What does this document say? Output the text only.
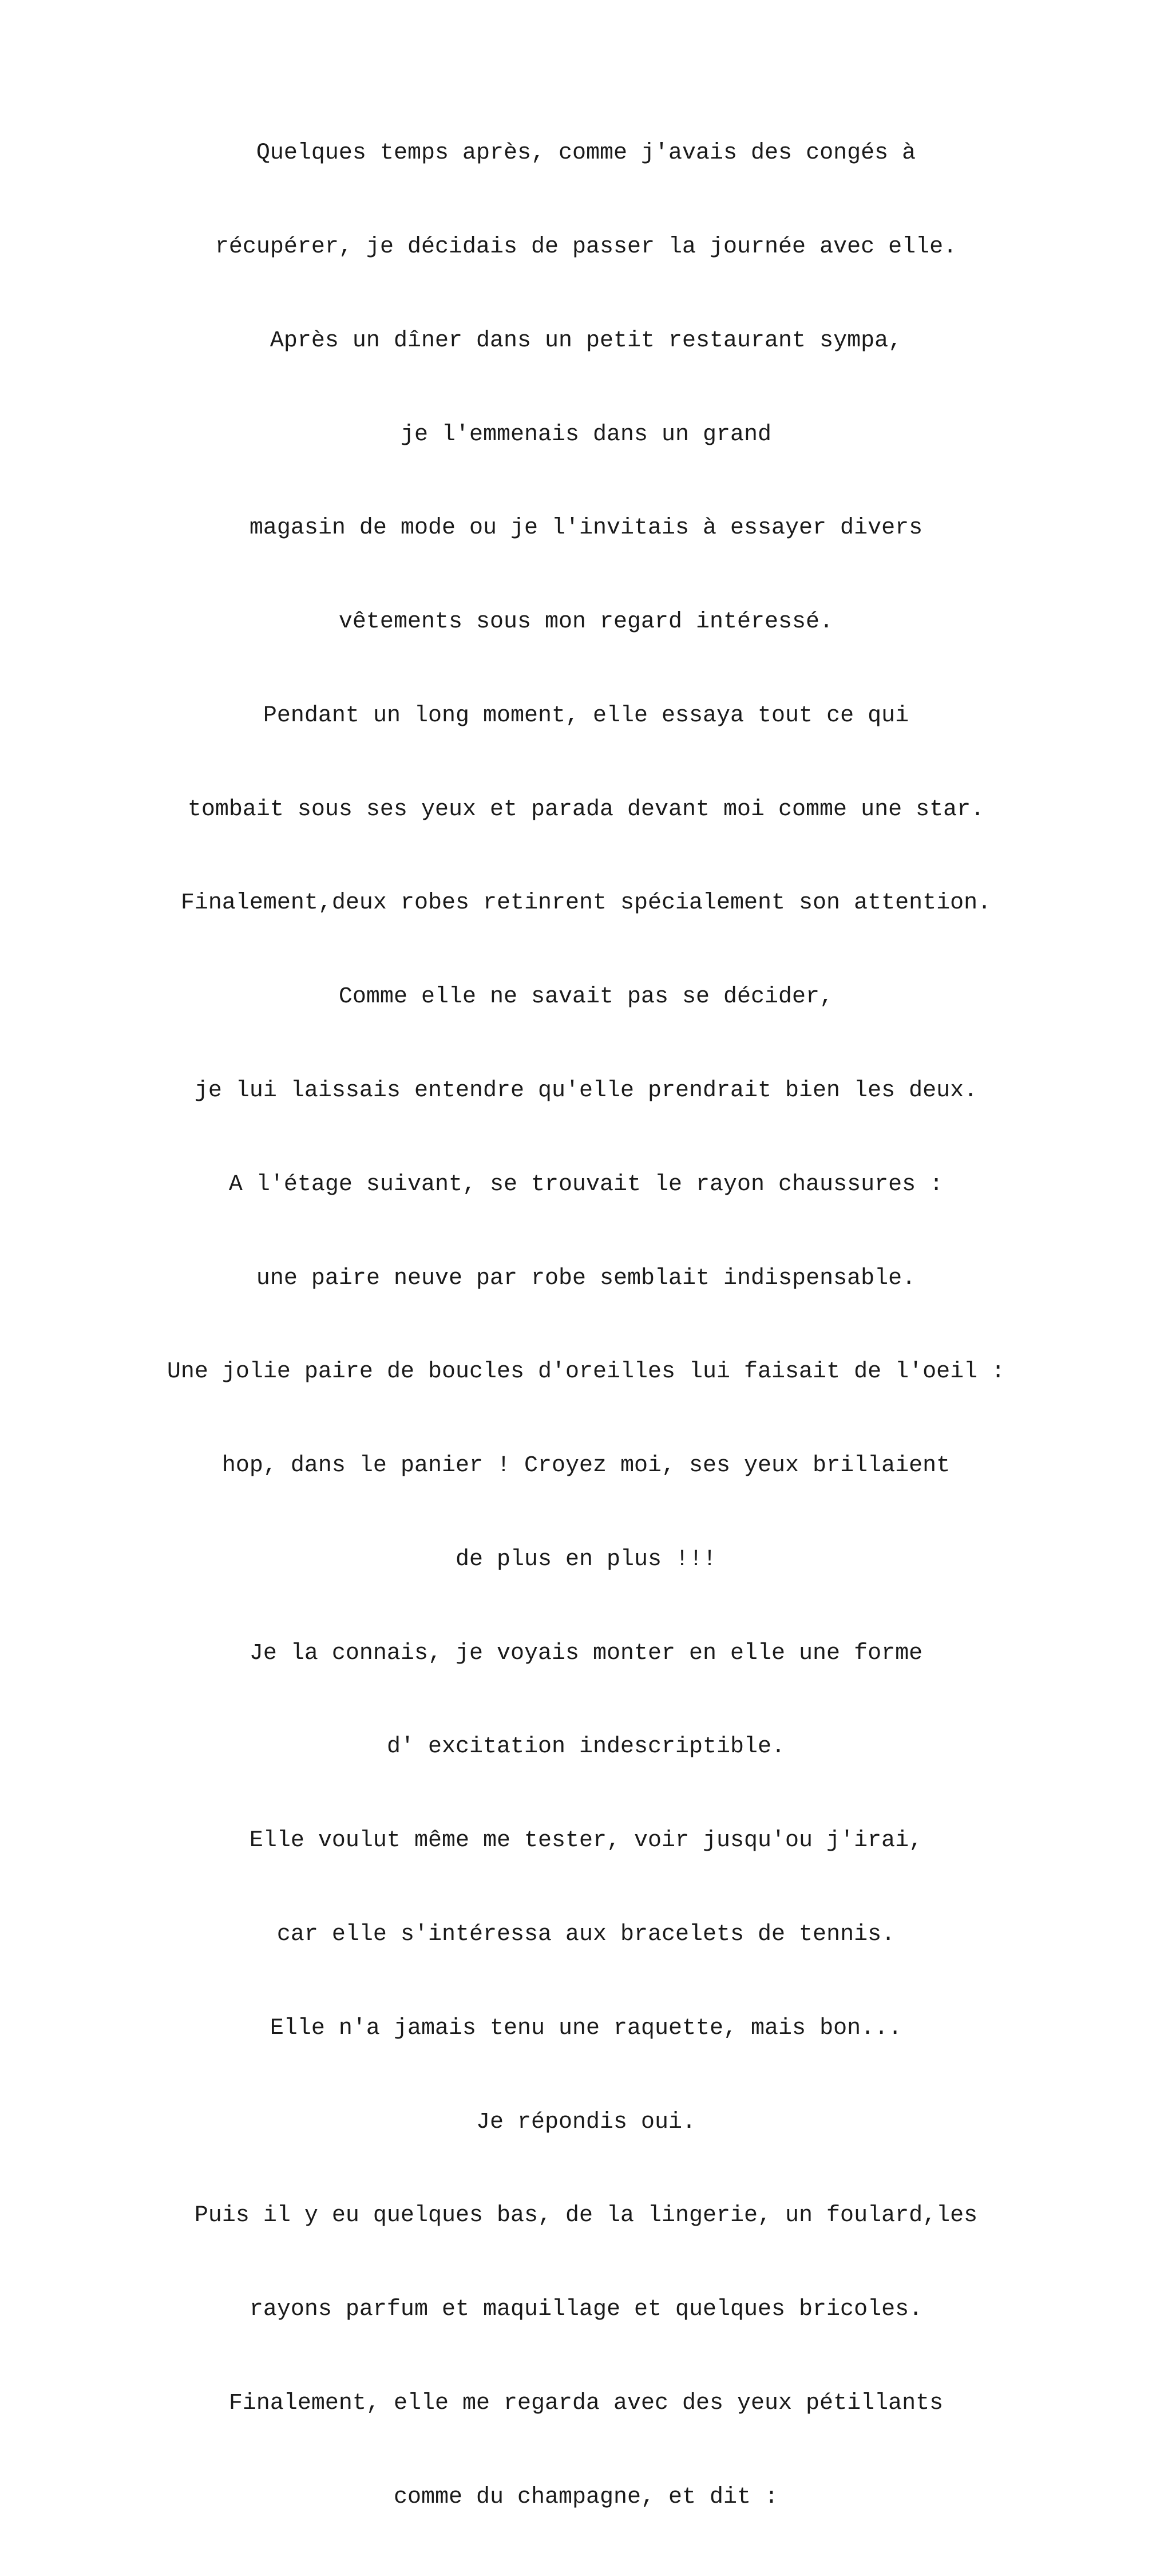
Quelques temps après, comme j'avais des congés à

récupérer, je décidais de passer la journée avec elle.

Après un dîner dans un petit restaurant sympa,

je l'emmenais dans un grand

magasin de mode ou je l'invitais à essayer divers

vêtements sous mon regard intéressé.

Pendant un long moment, elle essaya tout ce qui

tombait sous ses yeux et parada devant moi comme une star.

Finalement,deux robes retinrent spécialement son attention.

Comme elle ne savait pas se décider,

je lui laissais entendre qu'elle prendrait bien les deux.

A l'étage suivant, se trouvait le rayon chaussures :

une paire neuve par robe semblait indispensable.

Une jolie paire de boucles d'oreilles lui faisait de l'oeil :

hop, dans le panier ! Croyez moi, ses yeux brillaient

de plus en plus !!!

Je la connais, je voyais monter en elle une forme

d' excitation indescriptible.

Elle voulut même me tester, voir jusqu'ou j'irai,

car elle s'intéressa aux bracelets de tennis.

Elle n'a jamais tenu une raquette, mais bon...

Je répondis oui.

Puis il y eu quelques bas, de la lingerie, un foulard,les

rayons parfum et maquillage et quelques bricoles.

Finalement, elle me regarda avec des yeux pétillants

comme du champagne, et dit :
